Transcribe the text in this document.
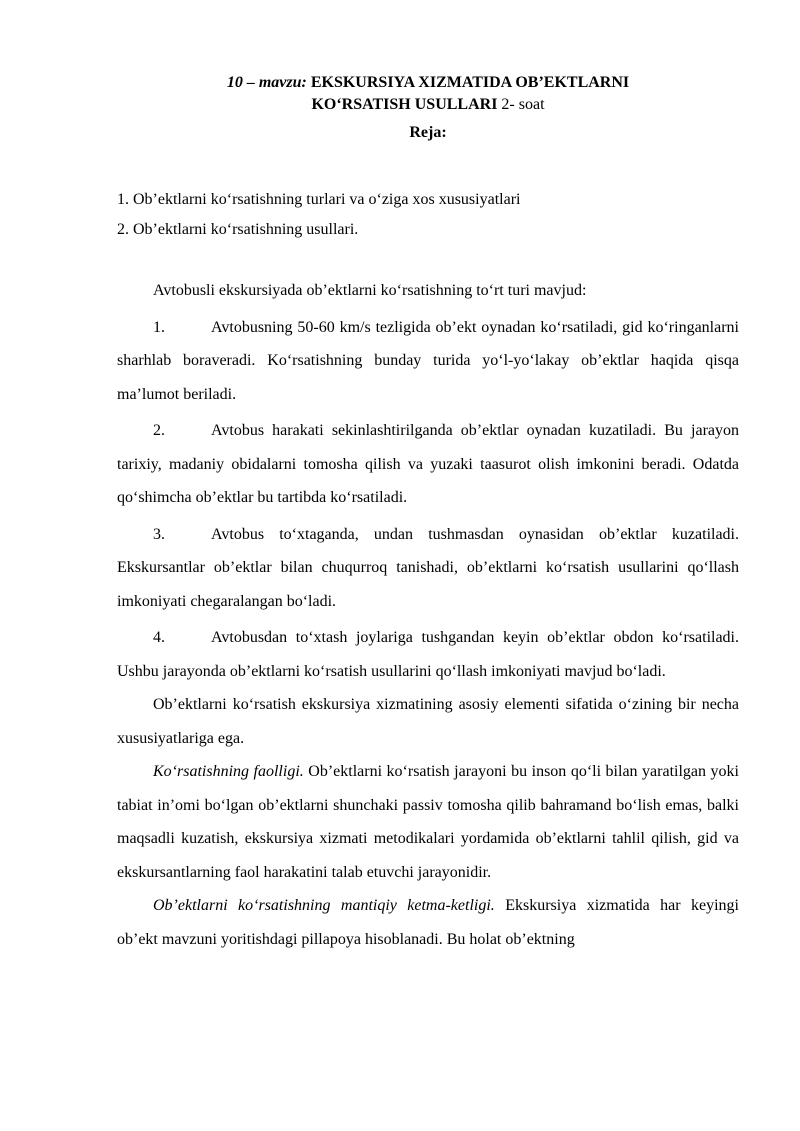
10 – mavzu: EKSKURSIYA XIZMATIDA OB’EKTLARNI
KO‘RSATISH USULLARI 2- soat
Reja:
1. Ob’ektlarni ko‘rsatishning turlari va o‘ziga xos xususiyatlari
2. Ob’ektlarni ko‘rsatishning usullari.
Avtobusli ekskursiyada ob’ektlarni ko‘rsatishning to‘rt turi mavjud:
1.	Avtobusning 50-60 km/s tezligida ob’ekt oynadan ko‘rsatiladi, gid ko‘ringanlarni sharhlab boraveradi. Ko‘rsatishning bunday turida yo‘l-yo‘lakay ob’ektlar haqida qisqa ma’lumot beriladi.
2.	Avtobus harakati sekinlashtirilganda ob’ektlar oynadan kuzatiladi. Bu jarayon tarixiy, madaniy obidalarni tomosha qilish va yuzaki taasurot olish imkonini beradi. Odatda qo‘shimcha ob’ektlar bu tartibda ko‘rsatiladi.
3.	Avtobus to‘xtaganda, undan tushmasdan oynasidan ob’ektlar kuzatiladi. Ekskursantlar ob’ektlar bilan chuqurroq tanishadi, ob’ektlarni ko‘rsatish usullarini qo‘llash imkoniyati chegaralangan bo‘ladi.
4.	Avtobusdan to‘xtash joylariga tushgandan keyin ob’ektlar obdon ko‘rsatiladi. Ushbu jarayonda ob’ektlarni ko‘rsatish usullarini qo‘llash imkoniyati mavjud bo‘ladi.
Ob’ektlarni ko‘rsatish ekskursiya xizmatining asosiy elementi sifatida o‘zining bir necha xususiyatlariga ega.
Ko‘rsatishning faolligi. Ob’ektlarni ko‘rsatish jarayoni bu inson qo‘li bilan yaratilgan yoki tabiat in’omi bo‘lgan ob’ektlarni shunchaki passiv tomosha qilib bahramand bo‘lish emas, balki maqsadli kuzatish, ekskursiya xizmati metodikalari yordamida ob’ektlarni tahlil qilish, gid va ekskursantlarning faol harakatini talab etuvchi jarayonidir.
Ob’ektlarni ko‘rsatishning mantiqiy ketma-ketligi. Ekskursiya xizmatida har keyingi ob’ekt mavzuni yoritishdagi pillapoya hisoblanadi. Bu holat ob’ektning
